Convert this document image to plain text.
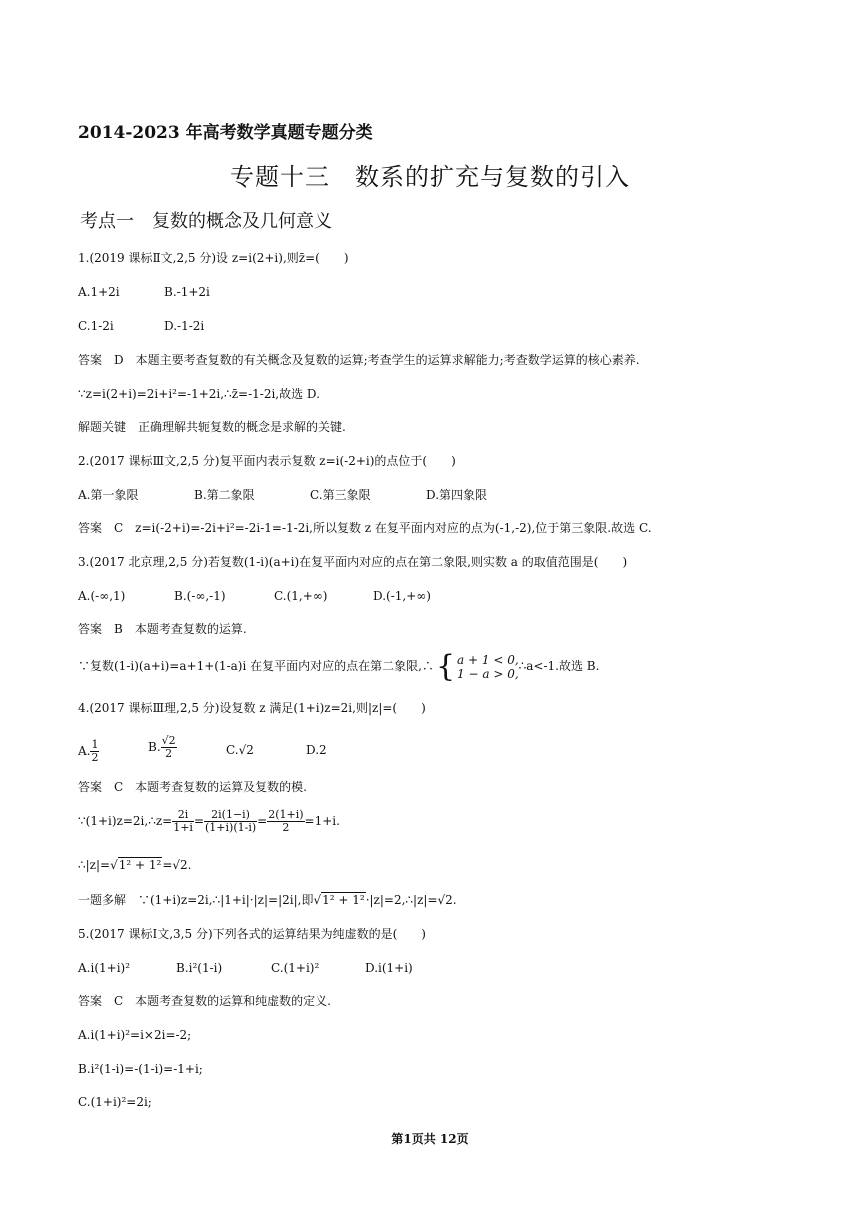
2014-2023 年高考数学真题专题分类
专题十三　数系的扩充与复数的引入
考点一　复数的概念及几何意义
1.(2019 课标Ⅱ文,2,5 分)设 z=i(2+i),则z̄=(　　)
A.1+2i	B.-1+2i
C.1-2i	D.-1-2i
答案　D　本题主要考查复数的有关概念及复数的运算;考查学生的运算求解能力;考查数学运算的核心素养.
∵z=i(2+i)=2i+i²=-1+2i,∴z̄=-1-2i,故选 D.
解题关键　正确理解共轭复数的概念是求解的关键.
2.(2017 课标Ⅲ文,2,5 分)复平面内表示复数 z=i(-2+i)的点位于(　　)
A.第一象限	B.第二象限	C.第三象限	D.第四象限
答案　C　z=i(-2+i)=-2i+i²=-2i-1=-1-2i,所以复数 z 在复平面内对应的点为(-1,-2),位于第三象限.故选 C.
3.(2017 北京理,2,5 分)若复数(1-i)(a+i)在复平面内对应的点在第二象限,则实数 a 的取值范围是(　　)
A.(-∞,1)	B.(-∞,-1)	C.(1,+∞)	D.(-1,+∞)
答案　B　本题考查复数的运算.
∵复数(1-i)(a+i)=a+1+(1-a)i 在复平面内对应的点在第二象限,∴{ a + 1 < 0,
1 − a > 0,
∴a<-1.故选 B.
4.(2017 课标Ⅲ理,2,5 分)设复数 z 满足(1+i)z=2i,则|z|=(　　)
A. $\frac{1}{2}$	B. $\frac{√2}{2}$	C.√2	D.2
答案　C　本题考查复数的运算及复数的模.
∵(1+i)z=2i,∴z= $\frac{2i}{1+i} = \frac{2i(1-i)}{(1+i)(1-i)} = \frac{2(1+i)}{2} =1+i$.
∴|z|=√1² + 1²=√2.
一题多解　∵(1+i)z=2i,∴|1+i|·|z|=|2i|,即√1² + 1²·|z|=2,∴|z|=√2.
5.(2017 课标Ⅰ文,3,5 分)下列各式的运算结果为纯虚数的是(　　)
A.i(1+i)²	B.i²(1-i)	C.(1+i)²	D.i(1+i)
答案　C　本题考查复数的运算和纯虚数的定义.
A.i(1+i)²=i×2i=-2;
B.i²(1-i)=-(1-i)=-1+i;
C.(1+i)²=2i;
第1页共 12页
